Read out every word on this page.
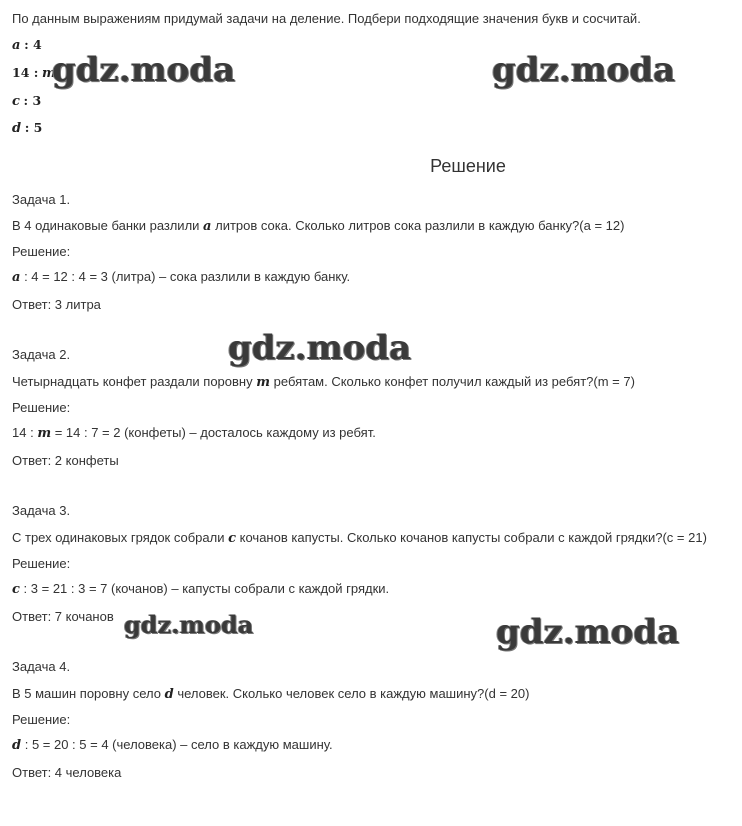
По данным выражениям придумай задачи на деление. Подбери подходящие значения букв и сосчитай.
a : 4
14 : m
c : 3
d : 5
Решение
Задача 1.
В 4 одинаковые банки разлили a литров сока. Сколько литров сока разлили в каждую банку?(a = 12)
Решение:
a : 4 = 12 : 4 = 3 (литра) – сока разлили в каждую банку.
Ответ: 3 литра
Задача 2.
Четырнадцать конфет раздали поровну m ребятам. Сколько конфет получил каждый из ребят?(m = 7)
Решение:
14 : m = 14 : 7 = 2 (конфеты) – досталось каждому из ребят.
Ответ: 2 конфеты
Задача 3.
С трех одинаковых грядок собрали c кочанов капусты. Сколько кочанов капусты собрали с каждой грядки?(c = 21)
Решение:
c : 3 = 21 : 3 = 7 (кочанов) – капусты собрали с каждой грядки.
Ответ: 7 кочанов
Задача 4.
В 5 машин поровну село d человек. Сколько человек село в каждую машину?(d = 20)
Решение:
d : 5 = 20 : 5 = 4 (человека) – село в каждую машину.
Ответ: 4 человека
gdz.moda	gdz.moda
gdz.moda
gdz.moda	gdz.moda
